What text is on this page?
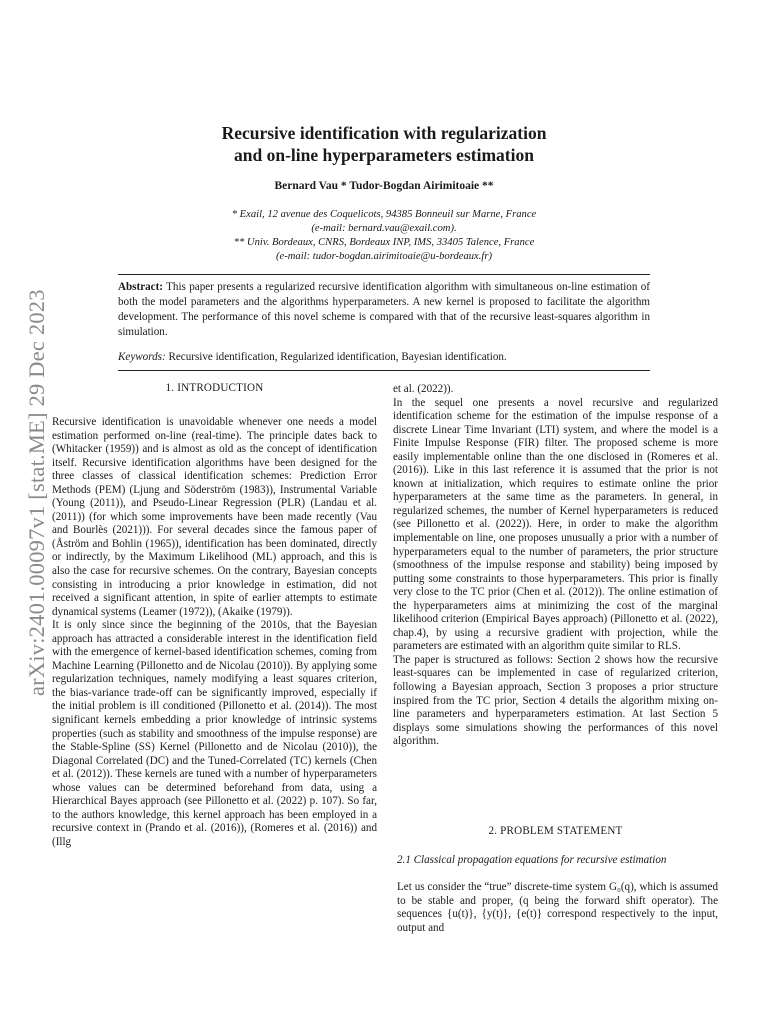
arXiv:2401.00097v1 [stat.ME] 29 Dec 2023
Recursive identification with regularization
and on-line hyperparameters estimation
Bernard Vau * Tudor-Bogdan Airimitoaie **
* Exail, 12 avenue des Coquelicots, 94385 Bonneuil sur Marne, France
(e-mail: bernard.vau@exail.com).
** Univ. Bordeaux, CNRS, Bordeaux INP, IMS, 33405 Talence, France
(e-mail: tudor-bogdan.airimitoaie@u-bordeaux.fr)
Abstract: This paper presents a regularized recursive identification algorithm with simultaneous on-line estimation of both the model parameters and the algorithms hyperparameters. A new kernel is proposed to facilitate the algorithm development. The performance of this novel scheme is compared with that of the recursive least-squares algorithm in simulation.
Keywords: Recursive identification, Regularized identification, Bayesian identification.
1. INTRODUCTION

Recursive identification is unavoidable whenever one needs a model estimation performed on-line (real-time). The principle dates back to (Whitacker (1959)) and is almost as old as the concept of identification itself. Recursive identification algorithms have been designed for the three classes of classical identification schemes: Prediction Error Methods (PEM) (Ljung and Söderström (1983)), Instrumental Variable (Young (2011)), and Pseudo-Linear Regression (PLR) (Landau et al. (2011)) (for which some improvements have been made recently (Vau and Bourlès (2021))). For several decades since the famous paper of (Åström and Bohlin (1965)), identification has been dominated, directly or indirectly, by the Maximum Likelihood (ML) approach, and this is also the case for recursive schemes. On the contrary, Bayesian concepts consisting in introducing a prior knowledge in estimation, did not received a significant attention, in spite of earlier attempts to estimate dynamical systems (Leamer (1972)), (Akaike (1979)).

It is only since since the beginning of the 2010s, that the Bayesian approach has attracted a considerable interest in the identification field with the emergence of kernel-based identification schemes, coming from Machine Learning (Pillonetto and de Nicolau (2010)). By applying some regularization techniques, namely modifying a least squares criterion, the bias-variance trade-off can be significantly improved, especially if the initial problem is ill conditioned (Pillonetto et al. (2014)). The most significant kernels embedding a prior knowledge of intrinsic systems properties (such as stability and smoothness of the impulse response) are the Stable-Spline (SS) Kernel (Pillonetto and de Nicolau (2010)), the Diagonal Correlated (DC) and the Tuned-Correlated (TC) kernels (Chen et al. (2012)). These kernels are tuned with a number of hyperparameters whose values can be determined beforehand from data, using a Hierarchical Bayes approach (see Pillonetto et al. (2022) p. 107). So far, to the authors knowledge, this kernel approach has been employed in a recursive context in (Prando et al. (2016)), (Romeres et al. (2016)) and (Illg

et al. (2022)).

In the sequel one presents a novel recursive and regularized identification scheme for the estimation of the impulse response of a discrete Linear Time Invariant (LTI) system, and where the model is a Finite Impulse Response (FIR) filter. The proposed scheme is more easily implementable online than the one disclosed in (Romeres et al. (2016)). Like in this last reference it is assumed that the prior is not known at initialization, which requires to estimate online the prior hyperparameters at the same time as the parameters. In general, in regularized schemes, the number of Kernel hyperparameters is reduced (see Pillonetto et al. (2022)). Here, in order to make the algorithm implementable on line, one proposes unusually a prior with a number of hyperparameters equal to the number of parameters, the prior structure (smoothness of the impulse response and stability) being imposed by putting some constraints to those hyperparameters. This prior is finally very close to the TC prior (Chen et al. (2012)). The online estimation of the hyperparameters aims at minimizing the cost of the marginal likelihood criterion (Empirical Bayes approach) (Pillonetto et al. (2022), chap.4), by using a recursive gradient with projection, while the parameters are estimated with an algorithm quite similar to RLS.

The paper is structured as follows: Section 2 shows how the recursive least-squares can be implemented in case of regularized criterion, following a Bayesian approach, Section 3 proposes a prior structure inspired from the TC prior, Section 4 details the algorithm mixing on-line parameters and hyperparameters estimation. At last Section 5 displays some simulations showing the performances of this novel algorithm.

2. PROBLEM STATEMENT
2.1 Classical propagation equations for recursive estimation

Let us consider the “true” discrete-time system G₀(q), which is assumed to be stable and proper, (q being the forward shift operator). The sequences {u(t)}, {y(t)}, {e(t)} correspond respectively to the input, output and
